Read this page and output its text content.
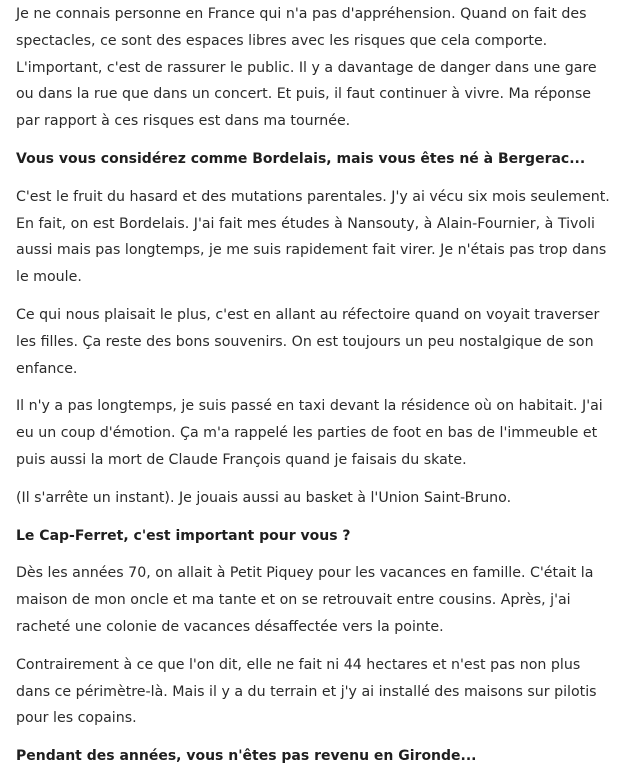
Je ne connais personne en France qui n'a pas d'appréhension. Quand on fait des spectacles, ce sont des espaces libres avec les risques que cela comporte. L'important, c'est de rassurer le public. Il y a davantage de danger dans une gare ou dans la rue que dans un concert. Et puis, il faut continuer à vivre. Ma réponse par rapport à ces risques est dans ma tournée.

Vous vous considérez comme Bordelais, mais vous êtes né à Bergerac...

C'est le fruit du hasard et des mutations parentales. J'y ai vécu six mois seulement. En fait, on est Bordelais. J'ai fait mes études à Nansouty, à Alain-Fournier, à Tivoli aussi mais pas longtemps, je me suis rapidement fait virer. Je n'étais pas trop dans le moule.

Ce qui nous plaisait le plus, c'est en allant au réfectoire quand on voyait traverser les filles. Ça reste des bons souvenirs. On est toujours un peu nostalgique de son enfance.

Il n'y a pas longtemps, je suis passé en taxi devant la résidence où on habitait. J'ai eu un coup d'émotion. Ça m'a rappelé les parties de foot en bas de l'immeuble et puis aussi la mort de Claude François quand je faisais du skate.

(Il s'arrête un instant). Je jouais aussi au basket à l'Union Saint-Bruno.

Le Cap-Ferret, c'est important pour vous ?

Dès les années 70, on allait à Petit Piquey pour les vacances en famille. C'était la maison de mon oncle et ma tante et on se retrouvait entre cousins. Après, j'ai racheté une colonie de vacances désaffectée vers la pointe.

Contrairement à ce que l'on dit, elle ne fait ni 44 hectares et n'est pas non plus dans ce périmètre-là. Mais il y a du terrain et j'y ai installé des maisons sur pilotis pour les copains.

Pendant des années, vous n'êtes pas revenu en Gironde...
